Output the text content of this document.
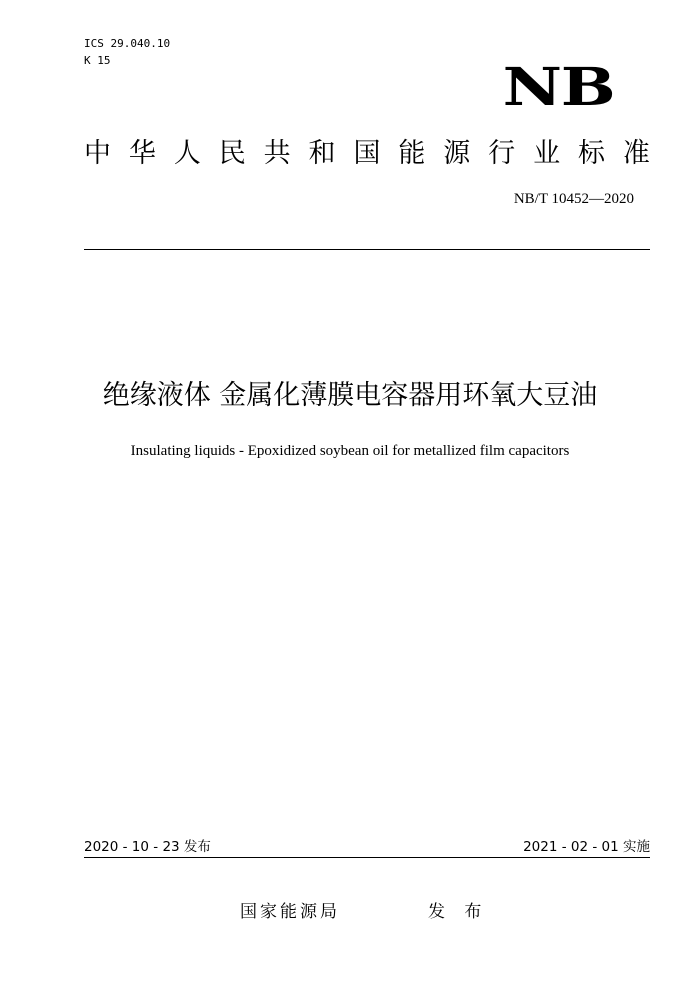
ICS 29.040.10
K 15	NB
中 华 人 民 共 和 国 能 源 行 业 标 准
NB/T 10452—2020
绝缘液体 金属化薄膜电容器用环氧大豆油
Insulating liquids - Epoxidized soybean oil for metallized film capacitors
2020 - 10 - 23 发布	2021 - 02 - 01 实施
国家能源局	发 布
